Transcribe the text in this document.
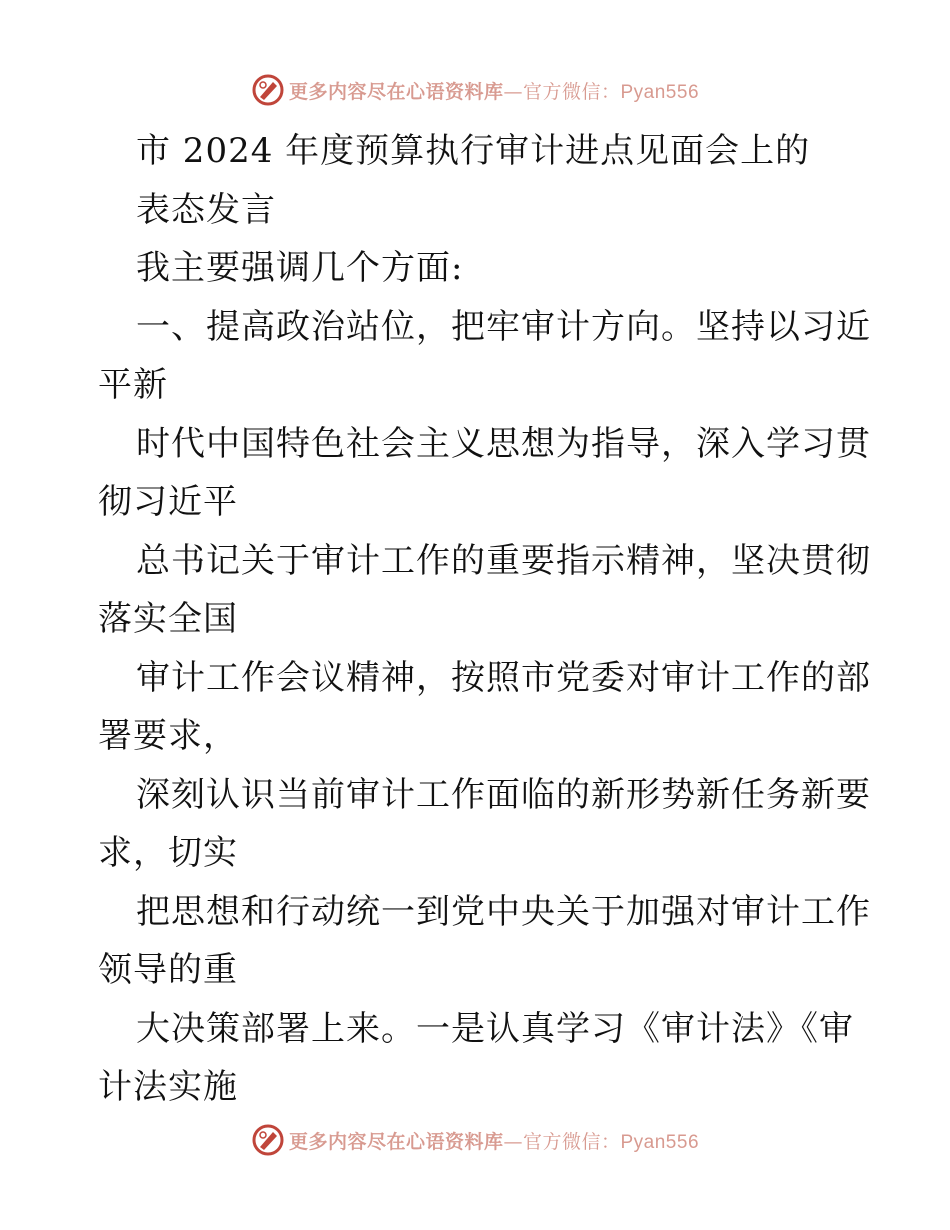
更多内容尽在心语资料库—官方微信：Pyan556
市 2024 年度预算执行审计进点见面会上的
表态发言
我主要强调几个方面:
一、提高政治站位，把牢审计方向。坚持以习近
平新
时代中国特色社会主义思想为指导，深入学习贯
彻习近平
总书记关于审计工作的重要指示精神，坚决贯彻
落实全国
审计工作会议精神，按照市党委对审计工作的部
署要求，
深刻认识当前审计工作面临的新形势新任务新要
求，切实
把思想和行动统一到党中央关于加强对审计工作
领导的重
大决策部署上来。一是认真学习《审计法》《审
计法实施
更多内容尽在心语资料库—官方微信：Pyan556
